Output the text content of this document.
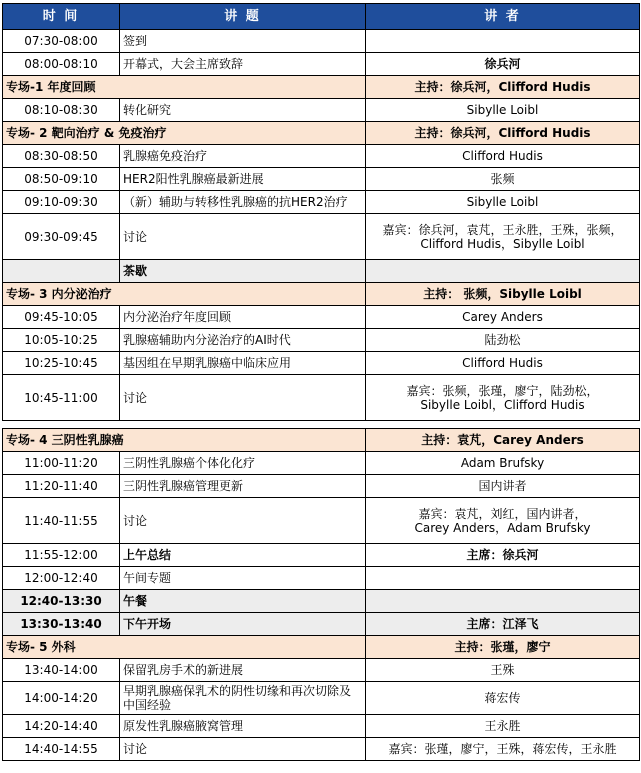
时 间	讲 题	讲 者
07:30-08:00	签到	
08:00-08:10	开幕式，大会主席致辞	徐兵河
专场-1 年度回顾		主持：徐兵河，Clifford Hudis
08:10-08:30	转化研究	Sibylle Loibl
专场- 2 靶向治疗 & 免疫治疗		主持：徐兵河，Clifford Hudis
08:30-08:50	乳腺癌免疫治疗	Clifford Hudis
08:50-09:10	HER2阳性乳腺癌最新进展	张频
09:10-09:30	（新）辅助与转移性乳腺癌的抗HER2治疗	Sibylle Loibl
09:30-09:45	讨论	嘉宾：徐兵河，袁芃，王永胜，王殊，张频，
Clifford Hudis，Sibylle Loibl

	茶歇	
专场- 3 内分泌治疗		主持： 张频，Sibylle Loibl
09:45-10:05	内分泌治疗年度回顾	Carey Anders
10:05-10:25	乳腺癌辅助内分泌治疗的AI时代	陆劲松
10:25-10:45	基因组在早期乳腺癌中临床应用	Clifford Hudis
10:45-11:00	讨论	嘉宾：张频，张瑾，廖宁，陆劲松，
Sibylle Loibl，Clifford Hudis

专场- 4 三阴性乳腺癌		主持：袁芃，Carey Anders
11:00-11:20	三阴性乳腺癌个体化化疗	Adam Brufsky
11:20-11:40	三阴性乳腺癌管理更新	国内讲者
11:40-11:55	讨论	嘉宾：袁芃，刘红，国内讲者，
Carey Anders，Adam Brufsky

11:55-12:00	上午总结	主席：徐兵河
12:00-12:40	午间专题	
12:40-13:30	午餐	
13:30-13:40	下午开场	主席：江泽飞
专场- 5 外科		主持：张瑾，廖宁
13:40-14:00	保留乳房手术的新进展	王殊
14:00-14:20	早期乳腺癌保乳术的阴性切缘和再次切除及
中国经验	蒋宏传
14:20-14:40	原发性乳腺癌腋窝管理	王永胜
14:40-14:55	讨论	嘉宾：张瑾，廖宁，王殊，蒋宏传，王永胜
